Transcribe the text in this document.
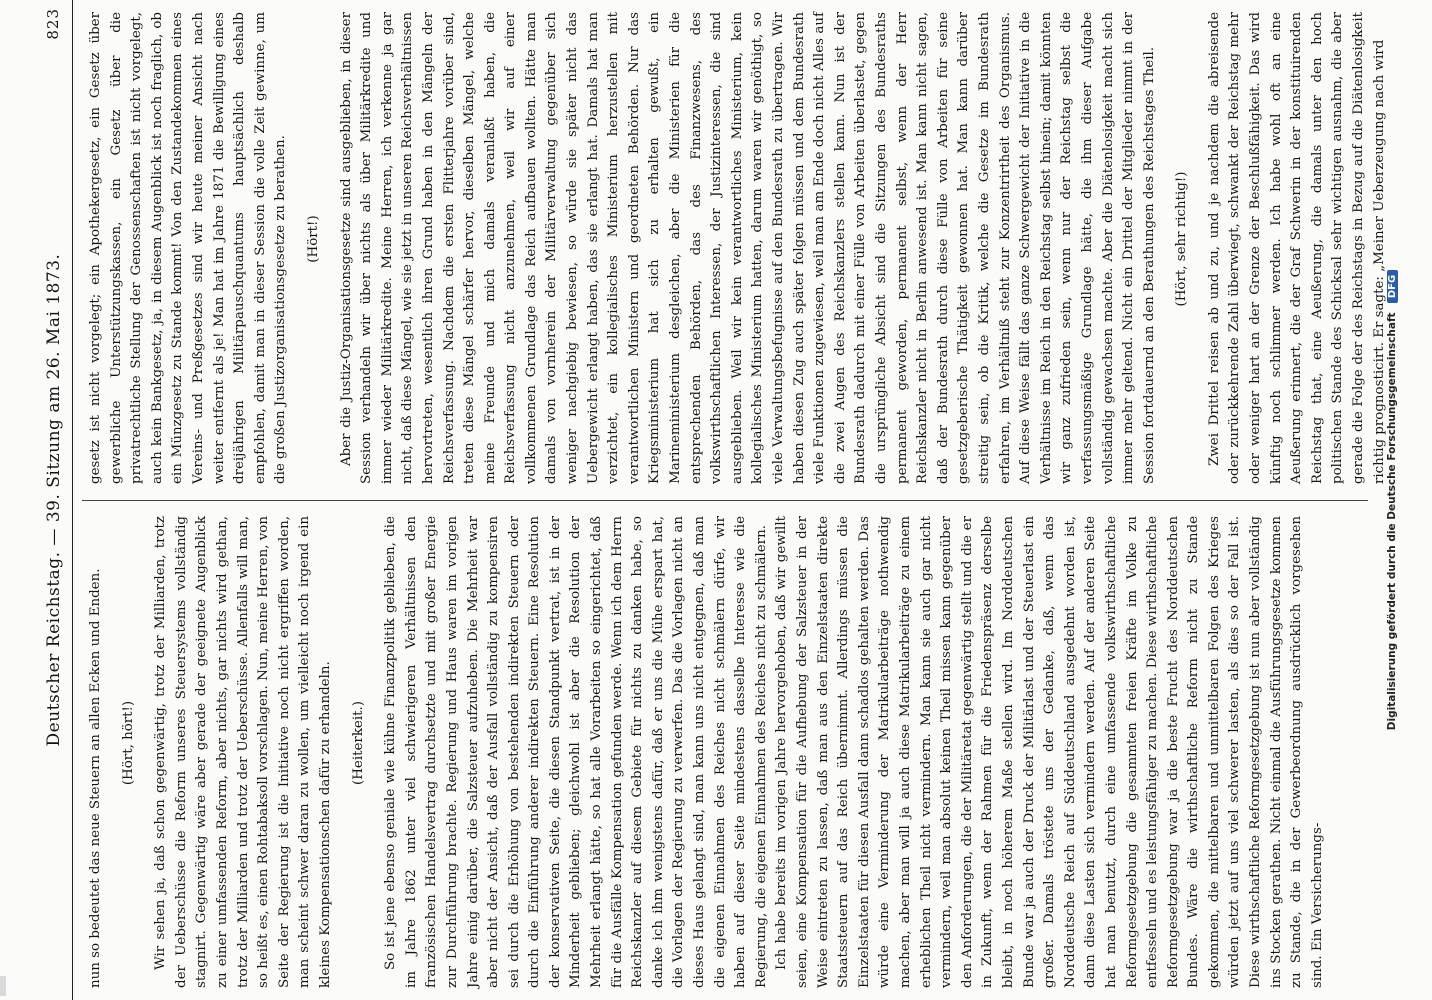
Deutscher Reichstag. — 39. Sitzung am 26. Mai 1873.
823

nun so bedeutet das neue Steuern an allen Ecken und Enden. (Hört, hört!) Wir sehen ja, daß schon gegenwärtig, trotz der Milliarden, trotz der Ueberschüsse die Reform unseres Steuersystems vollständig stagnirt. Gegenwärtig wäre aber gerade der geeignete Augenblick zu einer umfassenden Reform, aber nichts, gar nichts wird gethan, trotz der Milliarden und trotz der Ueberschüsse. Allenfalls will man, so heißt es, einen Rohtabaksoll vorschlagen. Nun, meine Herren, von Seite der Regierung ist die Initiative noch nicht ergriffen worden, man scheint schwer daran zu wollen, um vielleicht noch irgend ein kleines Kompensationschen dafür zu erhandeln. (Heiterkeit.) So ist jene ebenso geniale wie kühne Finanzpolitik geblieben, die im Jahre 1862 unter viel schwierigeren Verhältnissen den französischen Handelsvertrag durchsetzte und mit großer Energie zur Durchführung brachte. Regierung und Haus waren im vorigen Jahre einig darüber, die Salzsteuer aufzuheben. Die Mehrheit war aber nicht der Ansicht, daß der Ausfall vollständig zu kompensiren sei durch die Erhöhung von bestehenden indirekten Steuern oder durch die Einführung anderer indirekten Steuern. Eine Resolution der konservativen Seite, die diesen Standpunkt vertrat, ist in der Minderheit geblieben; gleichwohl ist aber die Resolution der Mehrheit erlangt hätte, so hat alle Vorarbeiten so eingerichtet, daß für die Ausfälle Kompensation gefunden werde. Wenn ich dem Herrn Reichskanzler auf diesem Gebiete für nichts zu danken habe, so danke ich ihm wenigstens dafür, daß er uns die Mühe erspart hat, die Vorlagen der Regierung zu verwerfen. Das die Vorlagen nicht an dieses Haus gelangt sind, man kann uns nicht entgegnen, daß man die eigenen Einnahmen des Reiches nicht schmälern dürfe, wir haben auf dieser Seite mindestens dasselbe Interesse wie die Regierung, die eigenen Einnahmen des Reiches nicht zu schmälern. Ich habe bereits im vorigen Jahre hervorgehoben, daß wir gewillt seien, eine Kompensation für die Aufhebung der Salzsteuer in der Weise eintreten zu lassen, daß man aus den Einzelstaaten direkte Staatssteuern auf das Reich übernimmt. Allerdings müssen die Einzelstaaten für diesen Ausfall dann schadlos gehalten werden. Das würde eine Verminderung der Matrikularbeiträge nothwendig machen, aber man will ja auch diese Matrikularbeiträge zu einem erheblichen Theil nicht vermindern. Man kann sie auch gar nicht vermindern, weil man absolut keinen Theil missen kann gegenüber den Anforderungen, die der Militäretat gegenwärtig stellt und die er in Zukunft, wenn der Rahmen für die Friedenspräsenz derselbe bleibt, in noch höherem Maße stellen wird. Im Norddeutschen Bunde war ja auch der Druck der Militärlast und der Steuerlast ein großer. Damals tröstete uns der Gedanke, daß, wenn das Norddeutsche Reich auf Süddeutschland ausgedehnt worden ist, dann diese Lasten sich vermindern werden. Auf der anderen Seite hat man benutzt, durch eine umfassende volkswirthschaftliche Reformgesetzgebung die gesammten freien Kräfte im Volke zu entfesseln und es leistungsfähiger zu machen. Diese wirthschaftliche Reformgesetzgebung war ja die beste Frucht des Norddeutschen Bundes. Wäre die wirthschaftliche Reform nicht zu Stande gekommen, die mittelbaren und unmittelbaren Folgen des Krieges würden jetzt auf uns viel schwerer lasten, als dies so der Fall ist. Diese wirthschaftliche Reformgesetzgebung ist nun aber vollständig ins Stocken gerathen. Nicht einmal die Ausführungsgesetze kommen zu Stande, die in der Gewerbeordnung ausdrücklich vorgesehen sind. Ein Versicherungs-

gesetz ist nicht vorgelegt; ein Apothekergesetz, ein Gesetz über gewerbliche Unterstützungskassen, ein Gesetz über die privatrechtliche Stellung der Genossenschaften ist nicht vorgelegt, auch kein Bankgesetz, ja, in diesem Augenblick ist noch fraglich, ob ein Münzgesetz zu Stande kommt! Von den Zustandekommen eines Vereins- und Preßgesetzes sind wir heute meiner Ansicht nach weiter entfernt als je! Man hat im Jahre 1871 die Bewilligung eines dreijährigen Militärpauschquantums hauptsächlich deshalb empfohlen, damit man in dieser Session die volle Zeit gewinne, um die großen Justizorganisationsgesetze zu berathen. (Hört!) Aber die Justiz-Organisationsgesetze sind ausgeblieben, in dieser Session verhandeln wir über nichts als über Militärkredite und immer wieder Militärkredite. Meine Herren, ich verkenne ja gar nicht, daß diese Mängel, wie sie jetzt in unseren Reichsverhältnissen hervortreten, wesentlich ihren Grund haben in den Mängeln der Reichsverfassung. Nachdem die ersten Flitterjahre vorüber sind, treten diese Mängel schärfer hervor, dieselben Mängel, welche meine Freunde und mich damals veranlaßt haben, die Reichsverfassung nicht anzunehmen, weil wir auf einer vollkommenen Grundlage das Reich aufbauen wollten. Hätte man damals von vornherein der Militärverwaltung gegenüber sich weniger nachgiebig bewiesen, so würde sie später nicht das Uebergewicht erlangt haben, das sie erlangt hat. Damals hat man verzichtet, ein kollegialisches Ministerium herzustellen mit verantwortlichen Ministern und geordneten Behörden. Nur das Kriegsministerium hat sich zu erhalten gewußt, ein Marineministerium desgleichen, aber die Ministerien für die entsprechenden Behörden, das des Finanzwesens, des volkswirthschaftlichen Interessen, der Justizinteressen, die sind ausgeblieben. Weil wir kein verantwortliches Ministerium, kein kollegialisches Ministerium hatten, darum waren wir genöthigt, so viele Verwaltungsbefugnisse auf den Bundesrath zu übertragen. Wir haben diesen Zug auch später folgen müssen und dem Bundesrath viele Funktionen zugewiesen, weil man am Ende doch nicht Alles auf die zwei Augen des Reichskanzlers stellen kann. Nun ist der Bundesrath dadurch mit einer Fülle von Arbeiten überlastet, gegen die ursprüngliche Absicht sind die Sitzungen des Bundesraths permanent geworden, permanent selbst, wenn der Herr Reichskanzler nicht in Berlin anwesend ist. Man kann nicht sagen, daß der Bundesrath durch diese Fülle von Arbeiten für seine gesetzgeberische Thätigkeit gewonnen hat. Man kann darüber streitig sein, ob die Kritik, welche die Gesetze im Bundesrath erfahren, im Verhältniß steht zur Konzentrirtheit des Organismus. Auf diese Weise fällt das ganze Schwergewicht der Initiative in die Verhältnisse im Reich in den Reichstag selbst hinein; damit könnten wir ganz zufrieden sein, wenn nur der Reichstag selbst die verfassungsmäßige Grundlage hätte, die ihm dieser Aufgabe vollständig gewachsen machte. Aber die Diätenlosigkeit macht sich immer mehr geltend. Nicht ein Drittel der Mitglieder nimmt in der Session fortdauernd an den Berathungen des Reichstages Theil. (Hört, sehr richtig!) Zwei Drittel reisen ab und zu, und je nachdem die abreisende oder zurückkehrende Zahl überwiegt, schwankt der Reichstag mehr oder weniger hart an der Grenze der Beschlußfähigkeit. Das wird künftig noch schlimmer werden. Ich habe wohl oft an eine Aeußerung erinnert, die der Graf Schwerin in der konstituirenden Reichstag that, eine Aeußerung, die damals unter den hoch politischen Stande des Schicksal sehr wichtigen ausnahm, die aber gerade die Folge der des Reichstags in Bezug auf die Diätenlosigkeit richtig prognosticirt. Er sagte: „Meiner Ueberzeugung nach wird

Digitalisierung gefördert durch die Deutsche Forschungsgemeinschaft DFG
